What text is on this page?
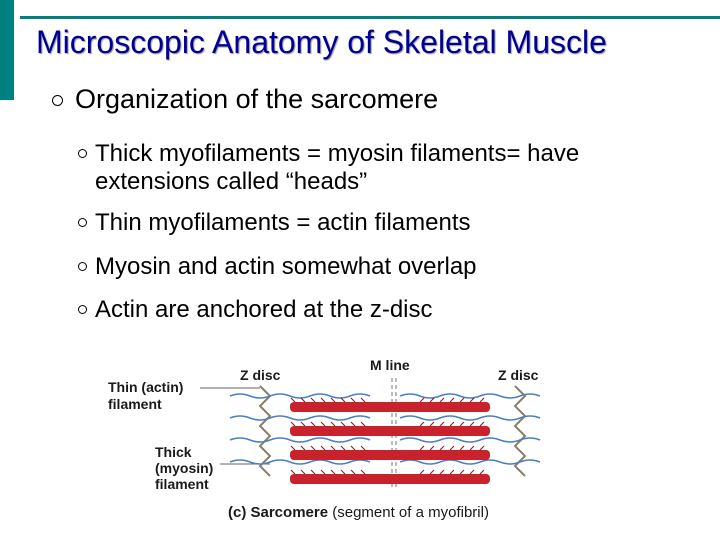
Microscopic Anatomy of Skeletal Muscle
Organization of the sarcomere
Thick myofilaments = myosin filaments= have
extensions called “heads”
Thin myofilaments = actin filaments
Myosin and actin somewhat overlap
Actin are anchored at the z-disc
Thin (actin)
filament
Thick
(myosin)
filament
Z disc
M line
Z disc
(c) Sarcomere (segment of a myofibril)
